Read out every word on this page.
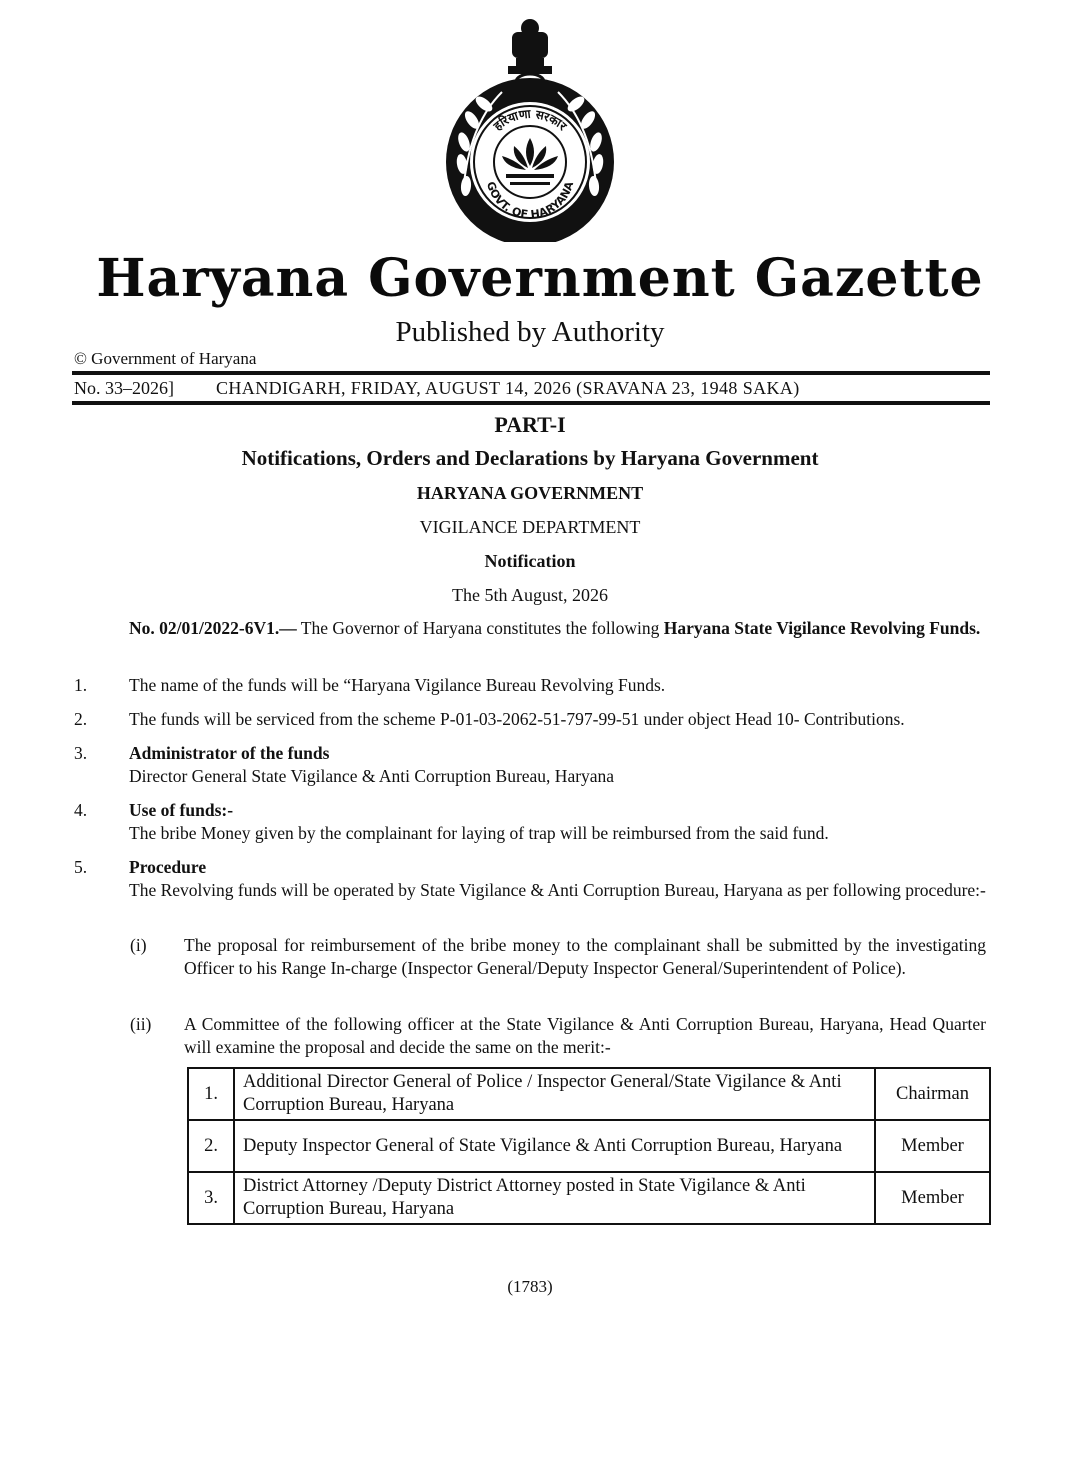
हरियाणा सरकार
GOVT. OF HARYANA
Haryana Government Gazette
Published by Authority
© Government of Haryana
No. 33–2026] CHANDIGARH, FRIDAY, AUGUST 14, 2026 (SRAVANA 23, 1948 SAKA)
PART-I
Notifications, Orders and Declarations by Haryana Government
HARYANA GOVERNMENT
VIGILANCE DEPARTMENT
Notification
The 5th August, 2026
No. 02/01/2022-6V1.— The Governor of Haryana constitutes the following Haryana State Vigilance Revolving Funds.
1. The name of the funds will be “Haryana Vigilance Bureau Revolving Funds.
2. The funds will be serviced from the scheme P-01-03-2062-51-797-99-51 under object Head 10- Contributions.
3. Administrator of the funds
Director General State Vigilance & Anti Corruption Bureau, Haryana
4. Use of funds:-
The bribe Money given by the complainant for laying of trap will be reimbursed from the said fund.
5. Procedure
The Revolving funds will be operated by State Vigilance & Anti Corruption Bureau, Haryana as per following procedure:-
(i) The proposal for reimbursement of the bribe money to the complainant shall be submitted by the investigating Officer to his Range In-charge (Inspector General/Deputy Inspector General/Superintendent of Police).
(ii) A Committee of the following officer at the State Vigilance & Anti Corruption Bureau, Haryana, Head Quarter will examine the proposal and decide the same on the merit:-
1.	Additional Director General of Police / Inspector General/State Vigilance & Anti Corruption Bureau, Haryana	Chairman
2.	Deputy Inspector General of State Vigilance & Anti Corruption Bureau, Haryana	Member
3.	District Attorney /Deputy District Attorney posted in State Vigilance & Anti Corruption Bureau, Haryana	Member
(1783)
